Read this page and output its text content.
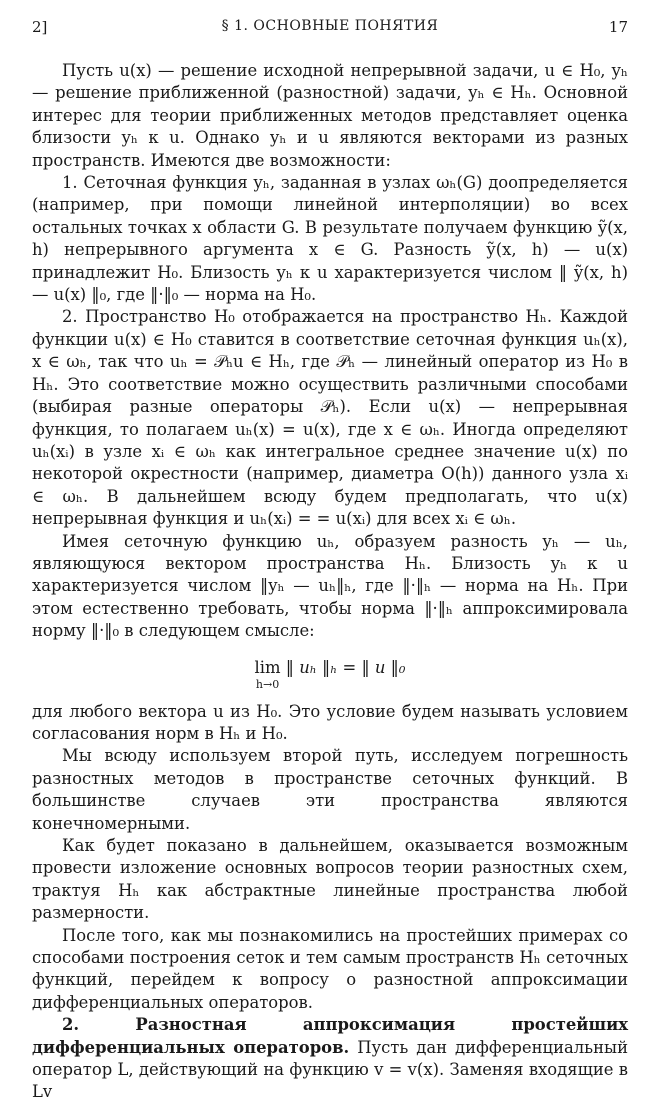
2]	§ 1. ОСНОВНЫЕ ПОНЯТИЯ	17

Пусть u(x) — решение исходной непрерывной задачи, u ∈ H₀, yₕ — решение приближенной (разностной) задачи, yₕ ∈ Hₕ. Основной интерес для теории приближенных методов представляет оценка близости yₕ к u. Однако yₕ и u являются векторами из разных пространств. Имеются две возможности:

1. Сеточная функция yₕ, заданная в узлах ωₕ(G) доопределяется (например, при помощи линейной интерполяции) во всех остальных точках x области G. В результате получаем функцию ỹ(x, h) непрерывного аргумента x ∈ G. Разность ỹ(x, h) — u(x) принадлежит H₀. Близость yₕ к u характеризуется числом ‖ ỹ(x, h) — u(x) ‖₀, где ‖·‖₀ — норма на H₀.

2. Пространство H₀ отображается на пространство Hₕ. Каждой функции u(x) ∈ H₀ ставится в соответствие сеточная функция uₕ(x), x ∈ ωₕ, так что uₕ = 𝒫ₕu ∈ Hₕ, где 𝒫ₕ — линейный оператор из H₀ в Hₕ. Это соответствие можно осуществить различными способами (выбирая разные операторы 𝒫ₕ). Если u(x) — непрерывная функция, то полагаем uₕ(x) = u(x), где x ∈ ωₕ. Иногда определяют uₕ(xᵢ) в узле xᵢ ∈ ωₕ как интегральное среднее значение u(x) по некоторой окрестности (например, диаметра O(h)) данного узла xᵢ ∈ ωₕ. В дальнейшем всюду будем предполагать, что u(x) непрерывная функция и uₕ(xᵢ) = = u(xᵢ) для всех xᵢ ∈ ωₕ.

Имея сеточную функцию uₕ, образуем разность yₕ — uₕ, являющуюся вектором пространства Hₕ. Близость yₕ к u характеризуется числом ‖yₕ — uₕ‖ₕ, где ‖·‖ₕ — норма на Hₕ. При этом естественно требовать, чтобы норма ‖·‖ₕ аппроксимировала норму ‖·‖₀ в следующем смысле:

lim
h→0
‖ uₕ ‖ₕ = ‖ u ‖₀

для любого вектора u из H₀. Это условие будем называть условием согласования норм в Hₕ и H₀.

Мы всюду используем второй путь, исследуем погрешность разностных методов в пространстве сеточных функций. В большинстве случаев эти пространства являются конечномерными.

Как будет показано в дальнейшем, оказывается возможным провести изложение основных вопросов теории разностных схем, трактуя Hₕ как абстрактные линейные пространства любой размерности.

После того, как мы познакомились на простейших примерах со способами построения сеток и тем самым пространств Hₕ сеточных функций, перейдем к вопросу о разностной аппроксимации дифференциальных операторов.

2. Разностная аппроксимация простейших дифференциальных операторов. Пусть дан дифференциальный оператор L, действующий на функцию v = v(x). Заменяя входящие в Lv
